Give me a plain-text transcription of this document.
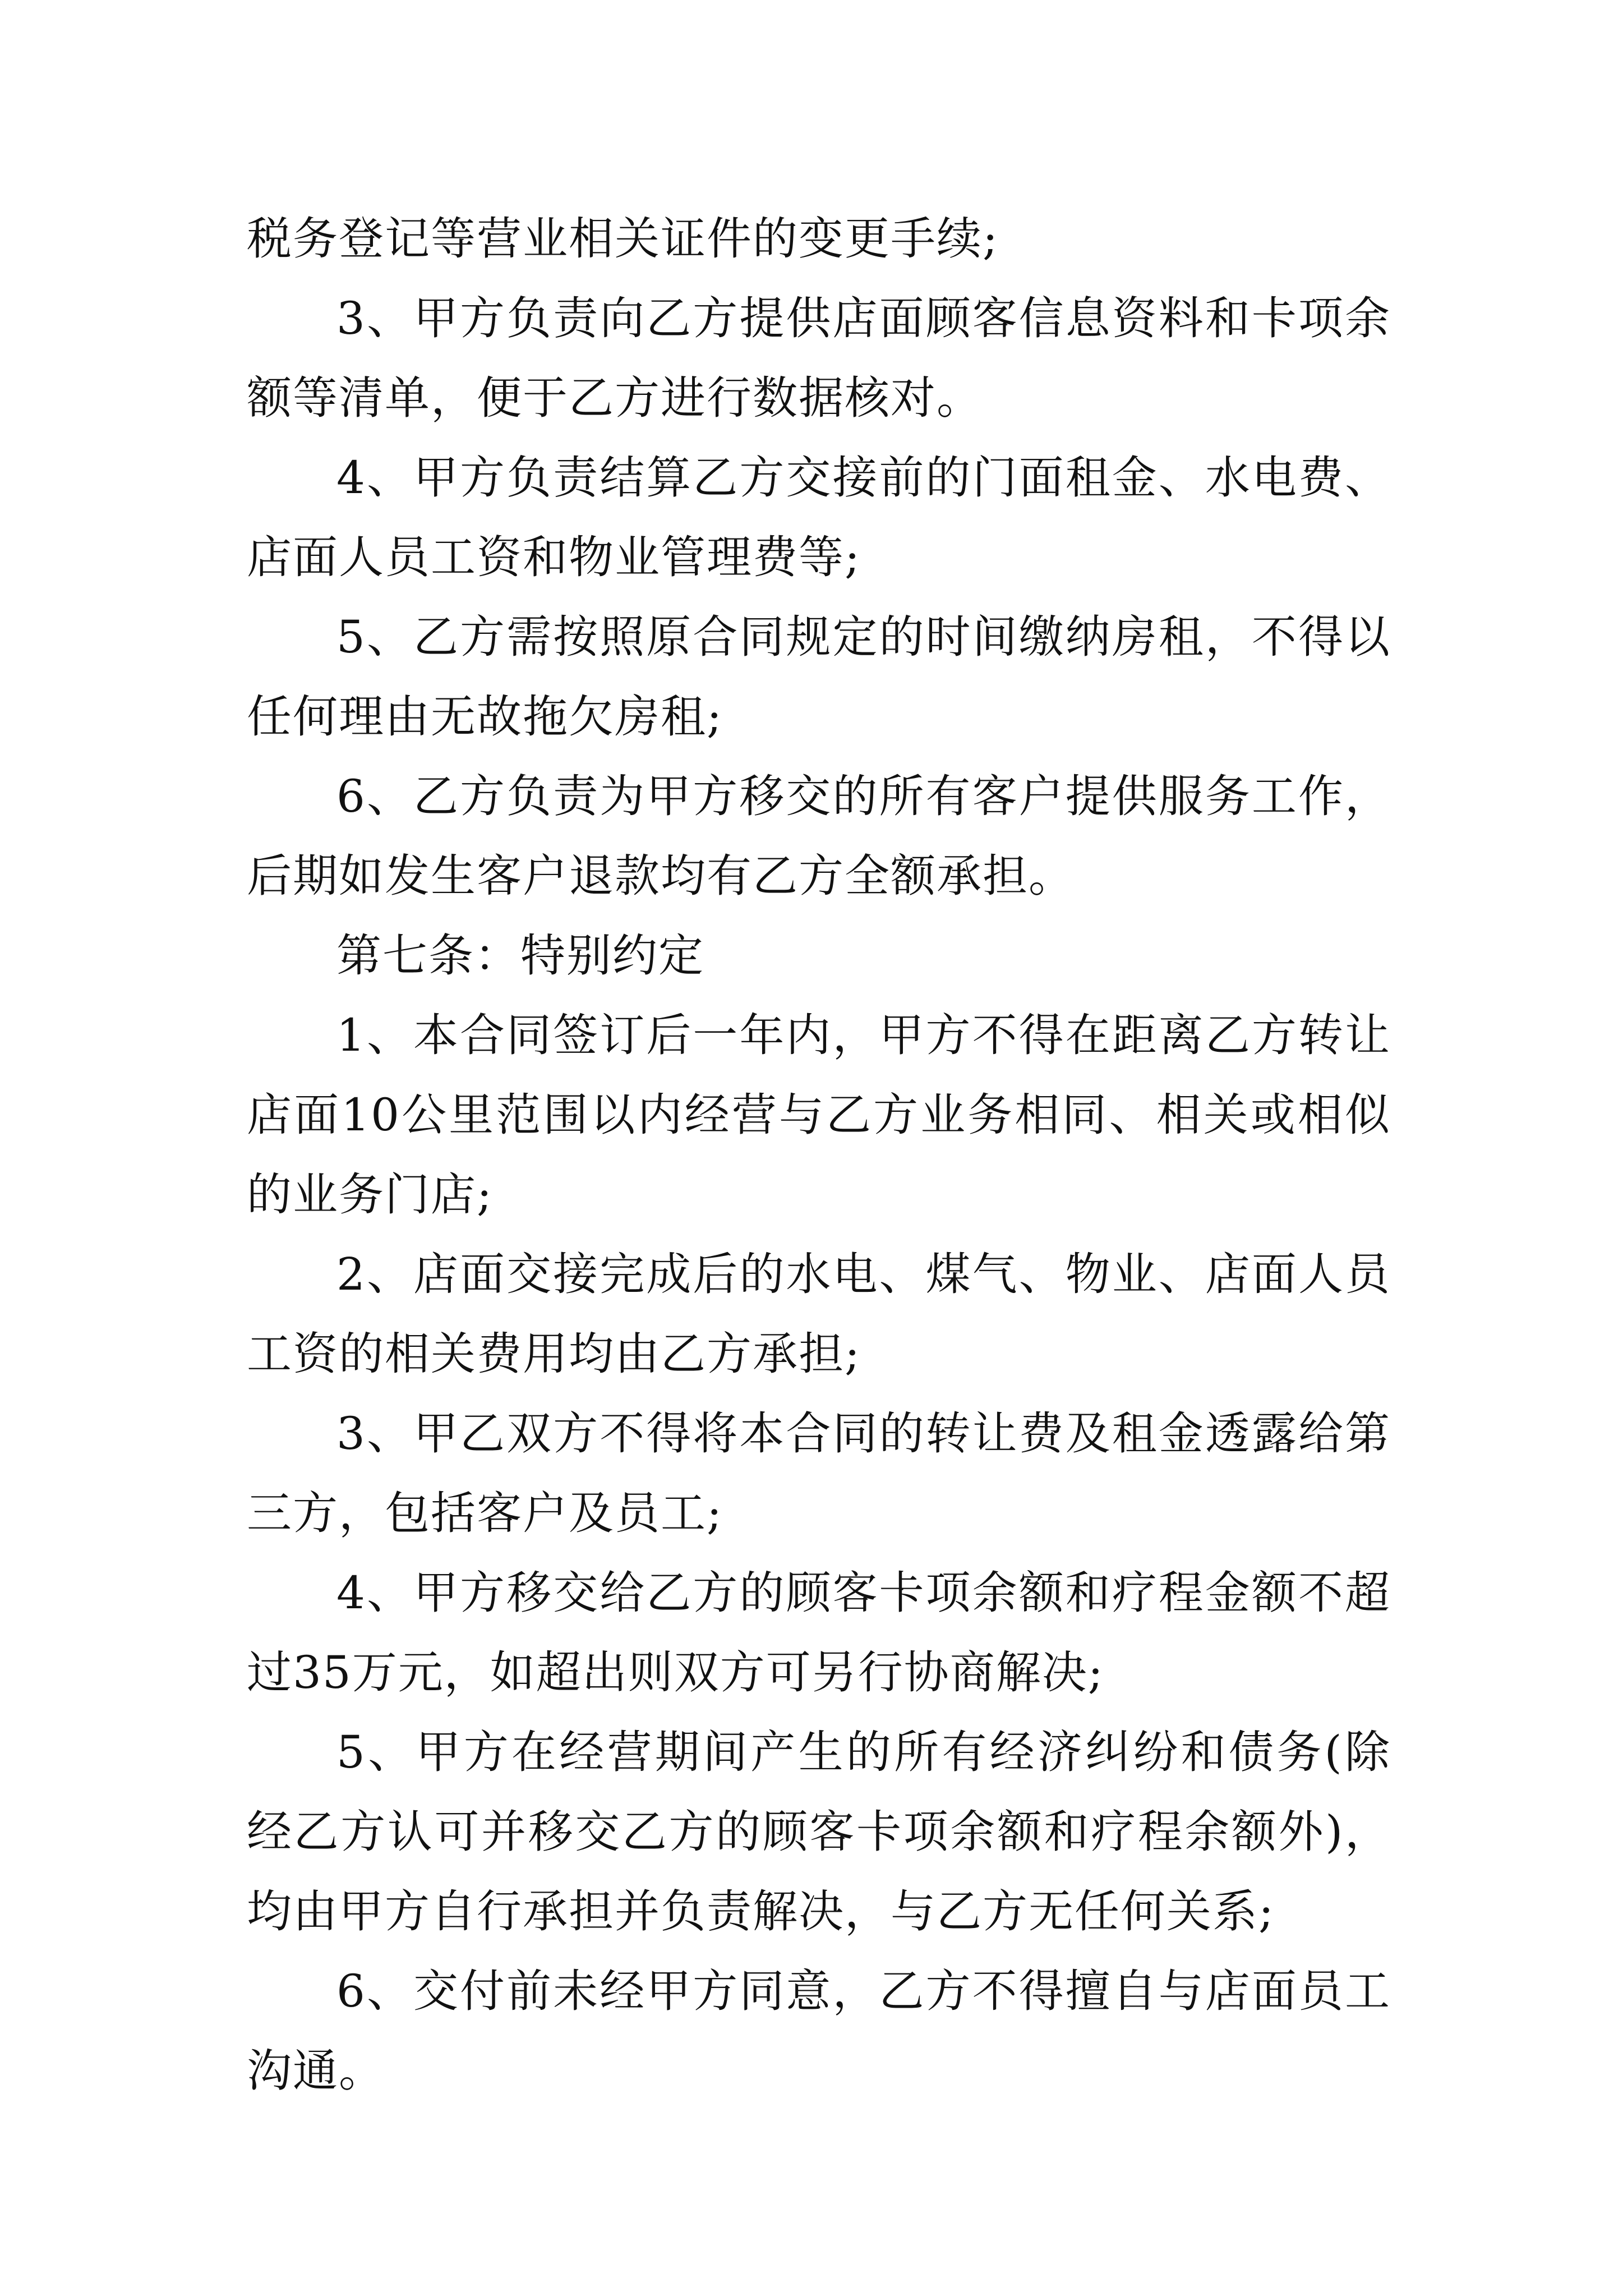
税务登记等营业相关证件的变更手续;

3、甲方负责向乙方提供店面顾客信息资料和卡项余额等清单，便于乙方进行数据核对。

4、甲方负责结算乙方交接前的门面租金、水电费、店面人员工资和物业管理费等;

5、乙方需按照原合同规定的时间缴纳房租，不得以任何理由无故拖欠房租;

6、乙方负责为甲方移交的所有客户提供服务工作，后期如发生客户退款均有乙方全额承担。

第七条：特别约定

1、本合同签订后一年内，甲方不得在距离乙方转让店面10公里范围以内经营与乙方业务相同、相关或相似的业务门店;

2、店面交接完成后的水电、煤气、物业、店面人员工资的相关费用均由乙方承担;

3、甲乙双方不得将本合同的转让费及租金透露给第三方，包括客户及员工;

4、甲方移交给乙方的顾客卡项余额和疗程金额不超过35万元，如超出则双方可另行协商解决;

5、甲方在经营期间产生的所有经济纠纷和债务(除经乙方认可并移交乙方的顾客卡项余额和疗程余额外)，均由甲方自行承担并负责解决，与乙方无任何关系;

6、交付前未经甲方同意，乙方不得擅自与店面员工沟通。
